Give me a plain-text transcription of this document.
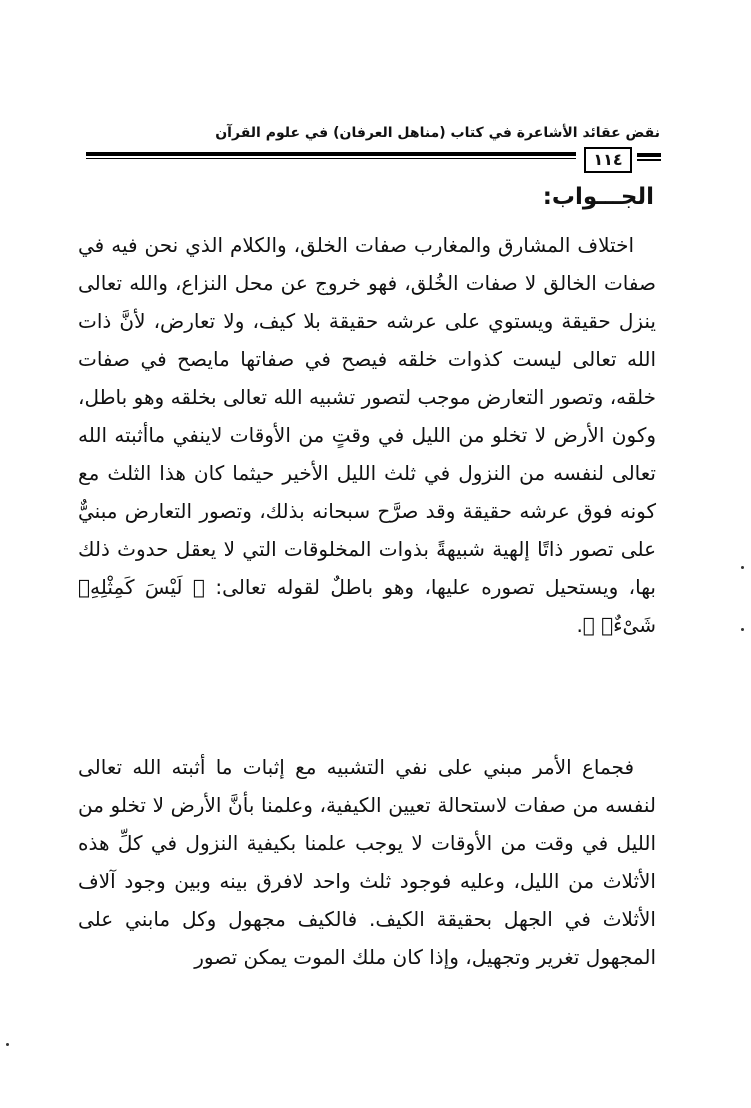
نقض عقائد الأشاعرة في كتاب (مناهل العرفان) في علوم القرآن
١١٤
الجـــواب:
اختلاف المشارق والمغارب صفات الخلق، والكلام الذي نحن فيه في صفات الخالق لا صفات الخُلق، فهو خروج عن محل النزاع، والله تعالى ينزل حقيقة ويستوي على عرشه حقيقة بلا كيف، ولا تعارض، لأنَّ ذات الله تعالى ليست كذوات خلقه فيصح في صفاتها مايصح في صفات خلقه، وتصور التعارض موجب لتصور تشبيه الله تعالى بخلقه وهو باطل، وكون الأرض لا تخلو من الليل في وقتٍ من الأوقات لاينفي ماأثبته الله تعالى لنفسه من النزول في ثلث الليل الأخير حيثما كان هذا الثلث مع كونه فوق عرشه حقيقة وقد صرَّح سبحانه بذلك، وتصور التعارض مبنيٌّ على تصور ذاتًا إلهية شبيهةً بذوات المخلوقات التي لا يعقل حدوث ذلك بها، ويستحيل تصوره عليها، وهو باطلٌ لقوله تعالى: ﴿ لَيْسَ كَمِثْلِهِۦ شَىْءٌۖ ﴾.
فجماع الأمر مبني على نفي التشبيه مع إثبات ما أثبته الله تعالى لنفسه من صفات لاستحالة تعيين الكيفية، وعلمنا بأنَّ الأرض لا تخلو من الليل في وقت من الأوقات لا يوجب علمنا بكيفية النزول في كلِّ هذه الأثلاث من الليل، وعليه فوجود ثلث واحد لافرق بينه وبين وجود آلاف الأثلاث في الجهل بحقيقة الكيف. فالكيف مجهول وكل مابني على المجهول تغرير وتجهيل، وإذا كان ملك الموت يمكن تصور
